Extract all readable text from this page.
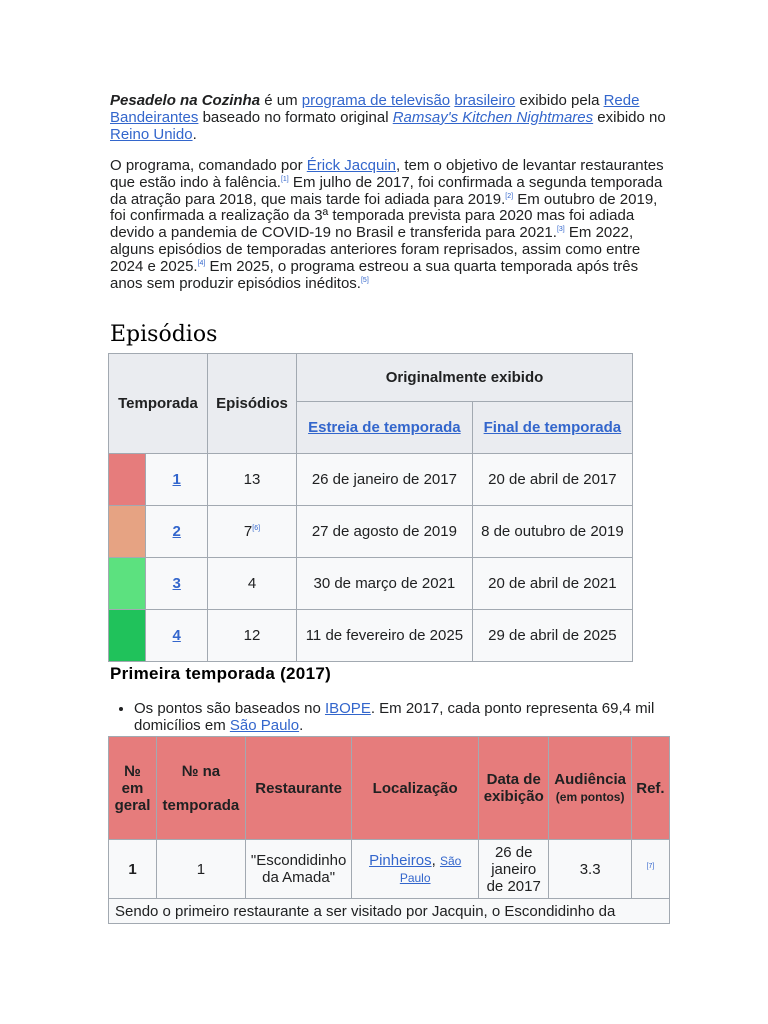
Pesadelo na Cozinha é um programa de televisão brasileiro exibido pela Rede Bandeirantes baseado no formato original Ramsay's Kitchen Nightmares exibido no Reino Unido.

O programa, comandado por Érick Jacquin, tem o objetivo de levantar restaurantes que estão indo à falência.[1] Em julho de 2017, foi confirmada a segunda temporada da atração para 2018, que mais tarde foi adiada para 2019.[2] Em outubro de 2019, foi confirmada a realização da 3ª temporada prevista para 2020 mas foi adiada devido a pandemia de COVID-19 no Brasil e transferida para 2021.[3] Em 2022, alguns episódios de temporadas anteriores foram reprisados, assim como entre 2024 e 2025.[4] Em 2025, o programa estreou a sua quarta temporada após três anos sem produzir episódios inéditos.[5]

Episódios
Temporada		Episódios	Originalmente exibido	
			Estreia de temporada	Final de temporada
	1	13	26 de janeiro de 2017	20 de abril de 2017
	2	7[6]	27 de agosto de 2019	8 de outubro de 2019
	3	4	30 de março de 2021	20 de abril de 2021
	4	12	11 de fevereiro de 2025	29 de abril de 2025
Primeira temporada (2017)
• Os pontos são baseados no IBOPE. Em 2017, cada ponto representa 69,4 mil domicílios em São Paulo.
№ em geral	№ na

temporada	Restaurante	Localização	Data de exibição	Audiência
(em pontos)	Ref.
1	1	"Escondidinho da Amada"	Pinheiros, São Paulo	26 de janeiro de 2017	3.3	[7]
Sendo o primeiro restaurante a ser visitado por Jacquin, o Escondidinho da						
